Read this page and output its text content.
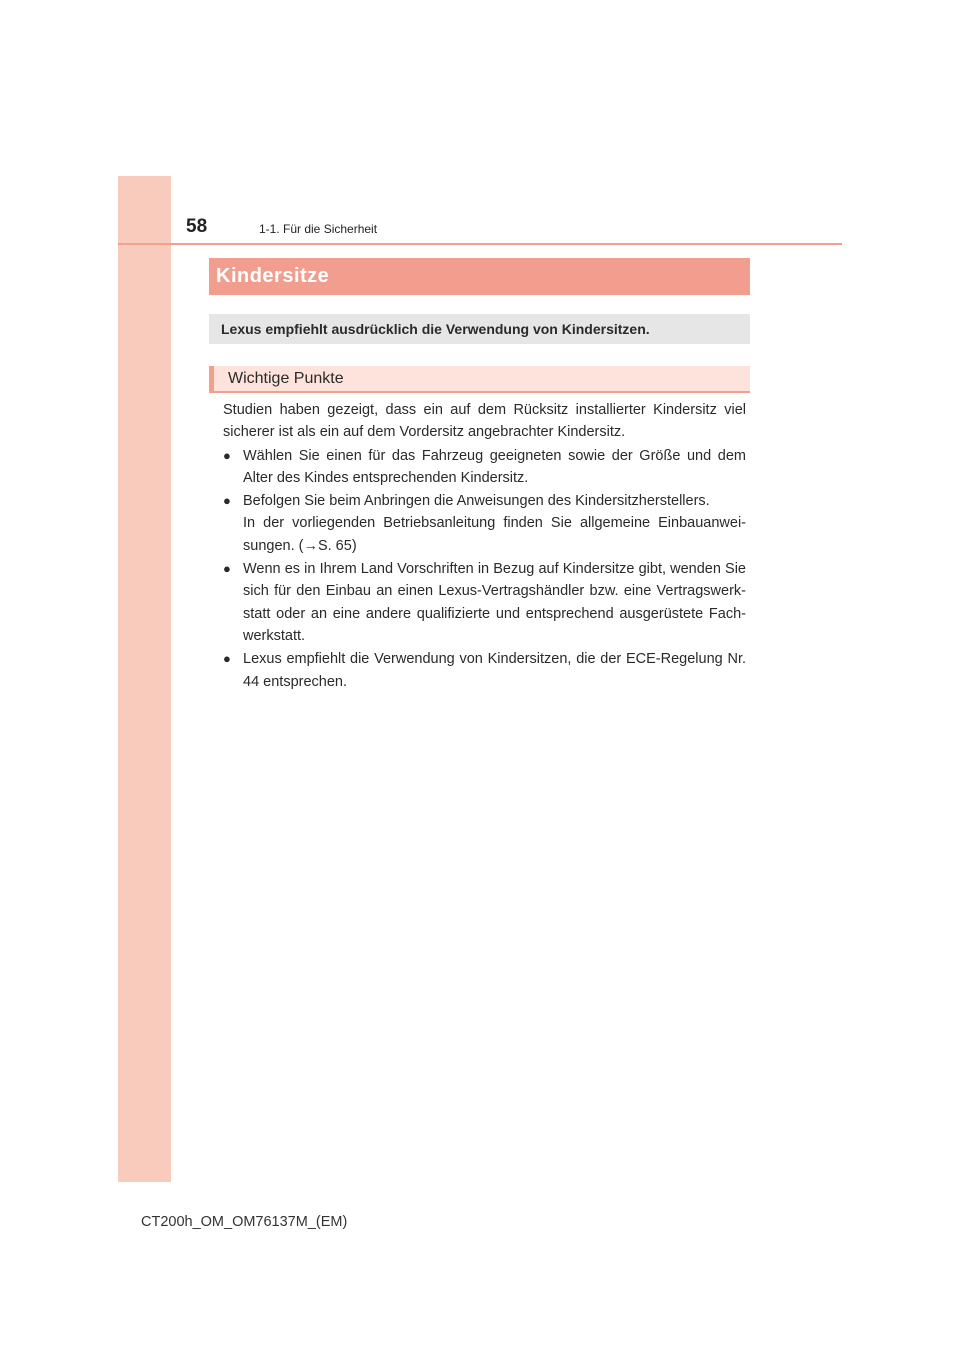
58	1-1. Für die Sicherheit
Kindersitze
Lexus empfiehlt ausdrücklich die Verwendung von Kindersitzen.
Wichtige Punkte

Studien haben gezeigt, dass ein auf dem Rücksitz installierter Kindersitz viel sicherer ist als ein auf dem Vordersitz angebrachter Kindersitz.

● Wählen Sie einen für das Fahrzeug geeigneten sowie der Größe und dem Alter des Kindes entsprechenden Kindersitz.
● Befolgen Sie beim Anbringen die Anweisungen des Kindersitzherstellers.
In der vorliegenden Betriebsanleitung finden Sie allgemeine Einbauanwei-sungen. (→S. 65)
● Wenn es in Ihrem Land Vorschriften in Bezug auf Kindersitze gibt, wenden Sie sich für den Einbau an einen Lexus-Vertragshändler bzw. eine Vertragswerk-statt oder an eine andere qualifizierte und entsprechend ausgerüstete Fach-werkstatt.
● Lexus empfiehlt die Verwendung von Kindersitzen, die der ECE-Regelung Nr. 44 entsprechen.
CT200h_OM_OM76137M_(EM)
